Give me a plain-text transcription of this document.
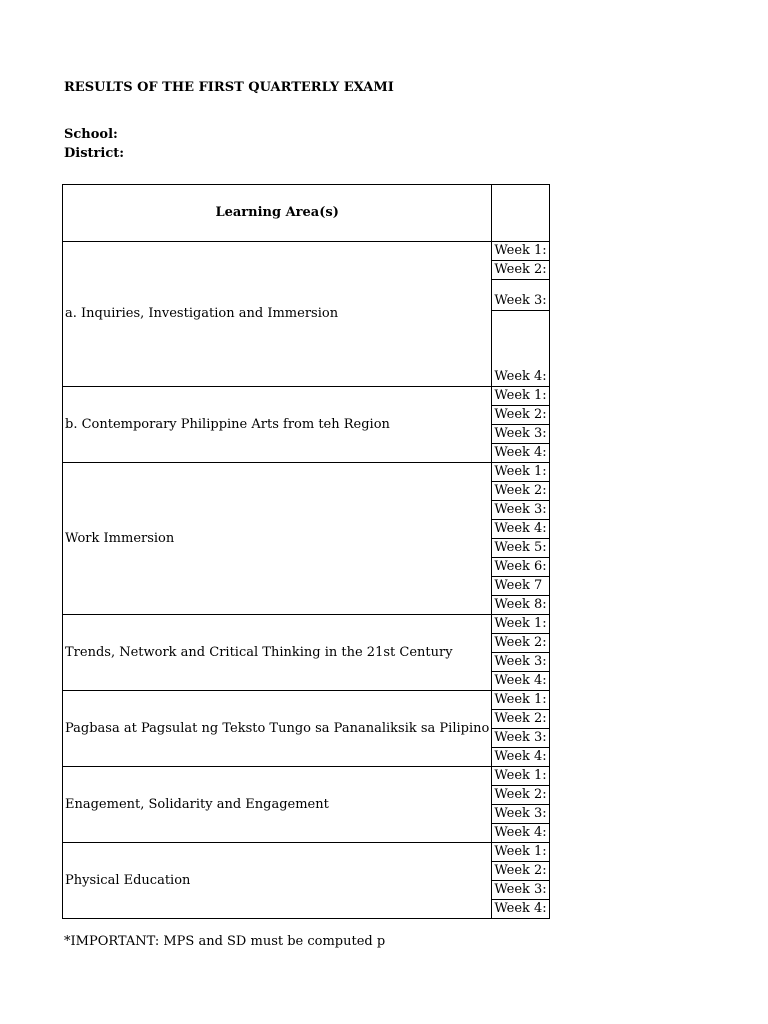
RESULTS OF THE FIRST QUARTERLY EXAMI
School:
District:
Learning Area(s)	
a. Inquiries, Investigation and Immersion	Week 1:
	Week 2:
	Week 3:
	Week 4:
b. Contemporary Philippine Arts from teh Region	Week 1:
	Week 2:
	Week 3:
	Week 4:
Work Immersion	Week 1:
	Week 2:
	Week 3:
	Week 4:
	Week 5:
	Week 6:
	Week 7
	Week 8:
Trends, Network and Critical Thinking in the 21st Century	Week 1:
	Week 2:
	Week 3:
	Week 4:
Pagbasa at Pagsulat ng Teksto Tungo sa Pananaliksik sa Pilipino	Week 1:
	Week 2:
	Week 3:
	Week 4:
Enagement, Solidarity and Engagement	Week 1:
	Week 2:
	Week 3:
	Week 4:
Physical Education	Week 1:
	Week 2:
	Week 3:
	Week 4:
*IMPORTANT: MPS and SD must be computed p
